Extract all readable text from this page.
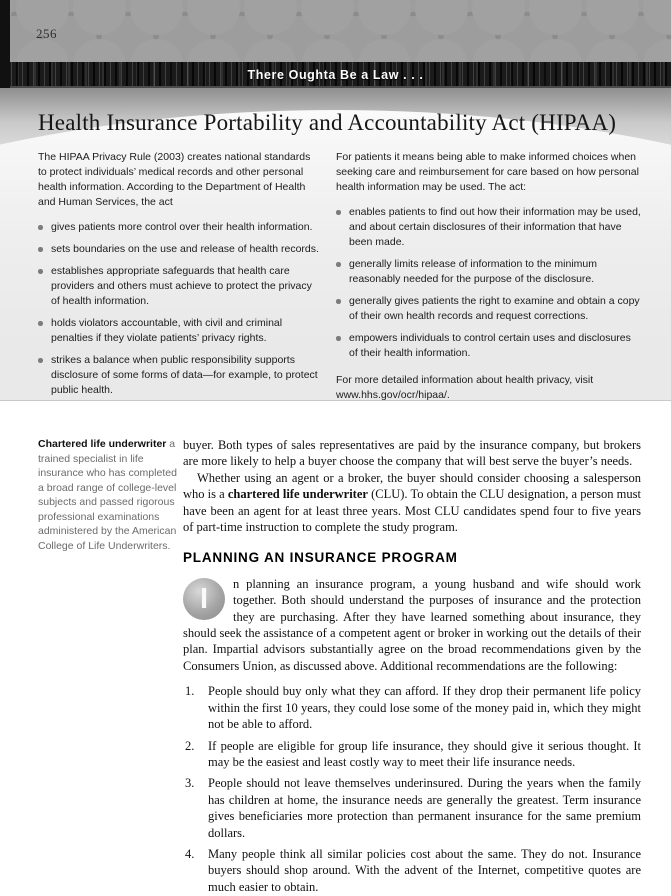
256
There Oughta Be a Law . . .
Health Insurance Portability and Accountability Act (HIPAA)

The HIPAA Privacy Rule (2003) creates national standards to protect individuals’ medical records and other personal health information. According to the Department of Health and Human Services, the act

gives patients more control over their health information.
sets boundaries on the use and release of health records.
establishes appropriate safeguards that health care providers and others must achieve to protect the privacy of health information.
holds violators accountable, with civil and criminal penalties if they violate patients’ privacy rights.
strikes a balance when public responsibility supports disclosure of some forms of data—for example, to protect public health.

For patients it means being able to make informed choices when seeking care and reimbursement for care based on how personal health information may be used. The act:

enables patients to find out how their information may be used, and about certain disclosures of their information that have been made.
generally limits release of information to the minimum reasonably needed for the purpose of the disclosure.
generally gives patients the right to examine and obtain a copy of their own health records and request corrections.
empowers individuals to control certain uses and disclosures of their health information.

For more detailed information about health privacy, visit www.hhs.gov/ocr/hipaa/.

Chartered life underwriter a trained specialist in life insurance who has completed a broad range of college-level subjects and passed rigorous professional examinations administered by the American College of Life Underwriters.

buyer. Both types of sales representatives are paid by the insurance company, but brokers are more likely to help a buyer choose the company that will best serve the buyer’s needs.

Whether using an agent or a broker, the buyer should consider choosing a salesperson who is a chartered life underwriter (CLU). To obtain the CLU designation, a person must have been an agent for at least three years. Most CLU candidates spend four to five years of part-time instruction to complete the study program.

PLANNING AN INSURANCE PROGRAM

I n planning an insurance program, a young husband and wife should work together. Both should understand the purposes of insurance and the protection they are purchasing. After they have learned something about insurance, they should seek the assistance of a competent agent or broker in working out the details of their plan. Impartial advisors substantially agree on the broad recommendations given by the Consumers Union, as discussed above. Additional recommendations are the following:

1. People should buy only what they can afford. If they drop their permanent life policy within the first 10 years, they could lose some of the money paid in, which they might not be able to afford.
2. If people are eligible for group life insurance, they should give it serious thought. It may be the easiest and least costly way to meet their life insurance needs.
3. People should not leave themselves underinsured. During the years when the family has children at home, the insurance needs are generally the greatest. Term insurance gives beneficiaries more protection than permanent insurance for the same premium dollars.
4. Many people think all similar policies cost about the same. They do not. Insurance buyers should shop around. With the advent of the Internet, competitive quotes are much easier to obtain.
